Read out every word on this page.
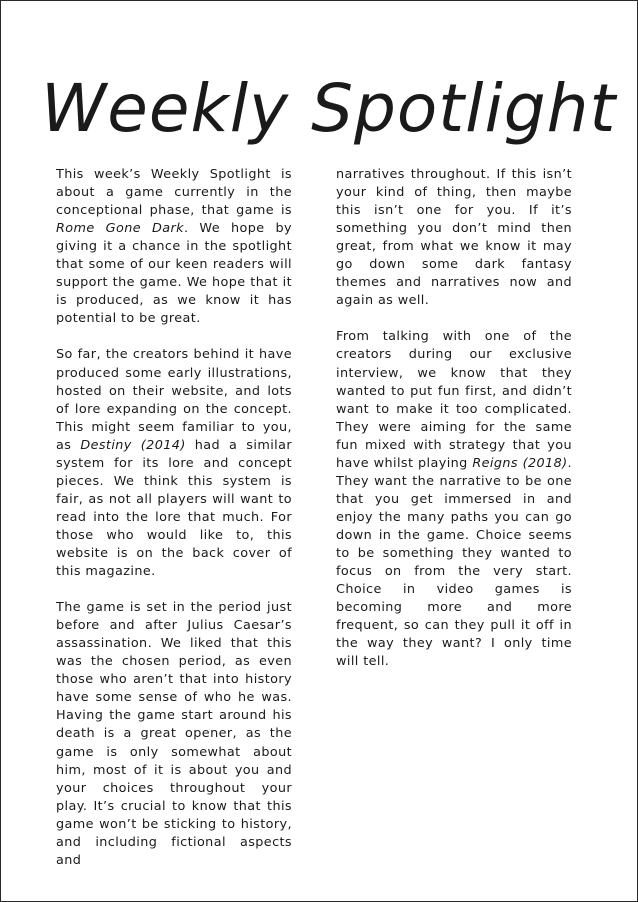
Weekly Spotlight

This week’s Weekly Spotlight is about a game currently in the conceptional phase, that game is Rome Gone Dark. We hope by giving it a chance in the spotlight that some of our keen readers will support the game. We hope that it is produced, as we know it has potential to be great.

So far, the creators behind it have produced some early illustrations, hosted on their website, and lots of lore expanding on the concept. This might seem familiar to you, as Destiny (2014) had a similar system for its lore and concept pieces. We think this system is fair, as not all players will want to read into the lore that much. For those who would like to, this website is on the back cover of this magazine.

The game is set in the period just before and after Julius Caesar’s assassination. We liked that this was the chosen period, as even those who aren’t that into history have some sense of who he was. Having the game start around his death is a great opener, as the game is only somewhat about him, most of it is about you and your choices throughout your play. It’s crucial to know that this game won’t be sticking to history, and including fictional aspects and

narratives throughout. If this isn’t your kind of thing, then maybe this isn’t one for you. If it’s something you don’t mind then great, from what we know it may go down some dark fantasy themes and narratives now and again as well.

From talking with one of the creators during our exclusive interview, we know that they wanted to put fun first, and didn’t want to make it too complicated. They were aiming for the same fun mixed with strategy that you have whilst playing Reigns (2018). They want the narrative to be one that you get immersed in and enjoy the many paths you can go down in the game. Choice seems to be something they wanted to focus on from the very start. Choice in video games is becoming more and more frequent, so can they pull it off in the way they want? I only time will tell.
